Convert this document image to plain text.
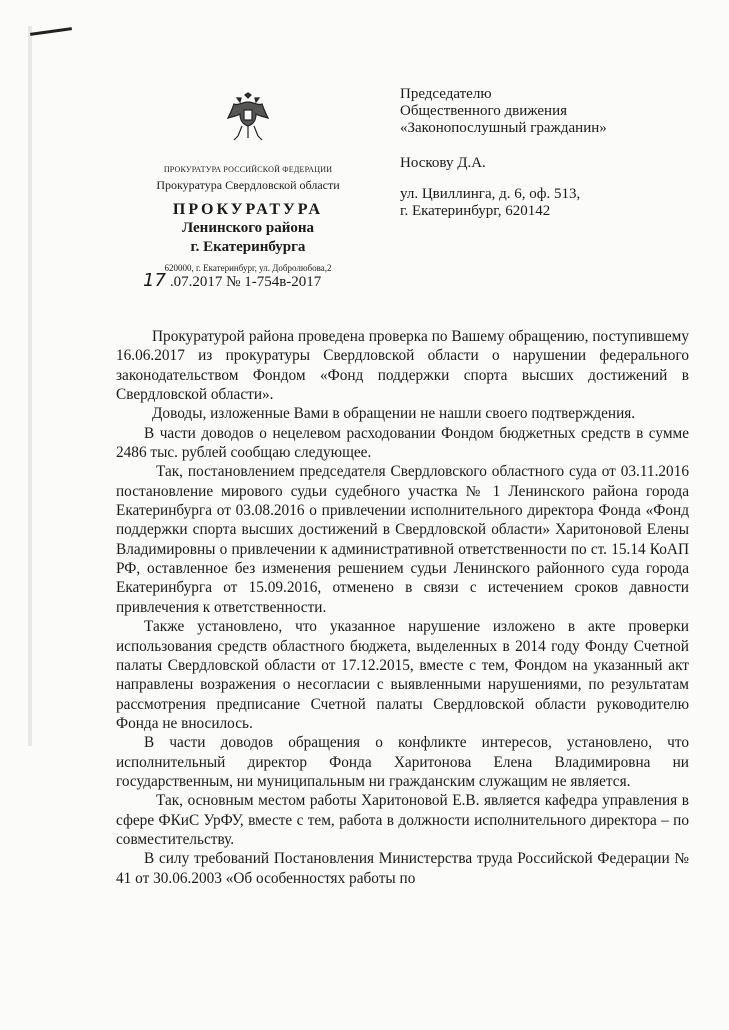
ПРОКУРАТУРА РОССИЙСКОЙ ФЕДЕРАЦИИ
Прокуратура Свердловской области
ПРОКУРАТУРА
Ленинского района
г. Екатеринбурга
620000, г. Екатеринбург, ул. Добролюбова,2
17 .07.2017 № 1-754в-2017
Председателю
Общественного движения
«Законопослушный гражданин»
Носкову Д.А.
ул. Цвиллинга, д. 6, оф. 513,
г. Екатеринбург, 620142

Прокуратурой района проведена проверка по Вашему обращению, поступившему 16.06.2017 из прокуратуры Свердловской области о нарушении федерального законодательством Фондом «Фонд поддержки спорта высших достижений в Свердловской области».

Доводы, изложенные Вами в обращении не нашли своего подтверждения.

В части доводов о нецелевом расходовании Фондом бюджетных средств в сумме 2486 тыс. рублей сообщаю следующее.

Так, постановлением председателя Свердловского областного суда от 03.11.2016 постановление мирового судьи судебного участка № 1 Ленинского района города Екатеринбурга от 03.08.2016 о привлечении исполнительного директора Фонда «Фонд поддержки спорта высших достижений в Свердловской области» Харитоновой Елены Владимировны о привлечении к административной ответственности по ст. 15.14 КоАП РФ, оставленное без изменения решением судьи Ленинского районного суда города Екатеринбурга от 15.09.2016, отменено в связи с истечением сроков давности привлечения к ответственности.

Также установлено, что указанное нарушение изложено в акте проверки использования средств областного бюджета, выделенных в 2014 году Фонду Счетной палаты Свердловской области от 17.12.2015, вместе с тем, Фондом на указанный акт направлены возражения о несогласии с выявленными нарушениями, по результатам рассмотрения предписание Счетной палаты Свердловской области руководителю Фонда не вносилось.

В части доводов обращения о конфликте интересов, установлено, что исполнительный директор Фонда Харитонова Елена Владимировна ни государственным, ни муниципальным ни гражданским служащим не является.

Так, основным местом работы Харитоновой Е.В. является кафедра управления в сфере ФКиС УрФУ, вместе с тем, работа в должности исполнительного директора – по совместительству.

В силу требований Постановления Министерства труда Российской Федерации № 41 от 30.06.2003 «Об особенностях работы по
